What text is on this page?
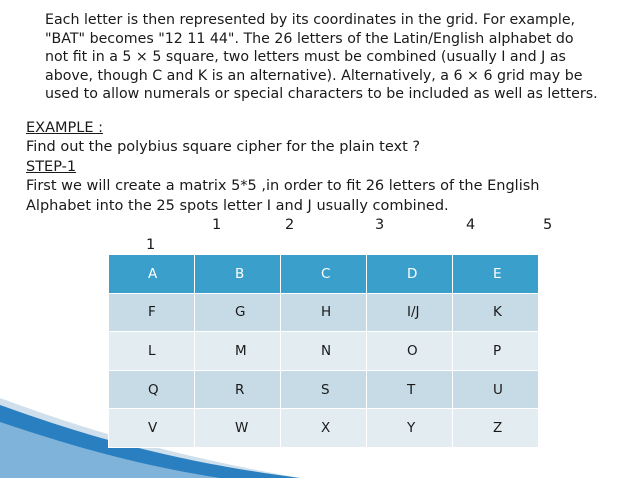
Each letter is then represented by its coordinates in the grid. For example,
"BAT" becomes "12 11 44". The 26 letters of the Latin/English alphabet do
not fit in a 5 × 5 square, two letters must be combined (usually I and J as
above, though C and K is an alternative). Alternatively, a 6 × 6 grid may be
used to allow numerals or special characters to be included as well as letters.
EXAMPLE :
Find out the polybius square cipher for the plain text ?
STEP-1
First we will create a matrix 5*5 ,in order to fit 26 letters of the English
Alphabet into the 25 spots letter I and J usually combined.
1	2	3	4	5
1
A	B	C	D	E
F	G	H	I/J	K
L	M	N	O	P
Q	R	S	T	U
V	W	X	Y	Z
